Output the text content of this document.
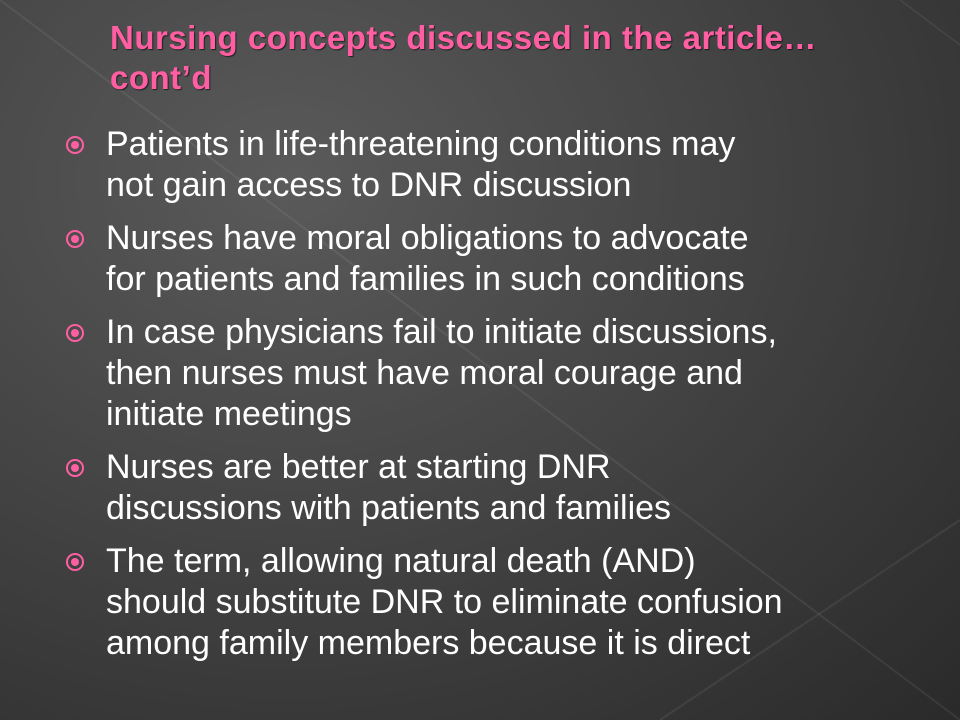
Nursing concepts discussed in the article…
cont’d
Patients in life-threatening conditions may
not gain access to DNR discussion
Nurses have moral obligations to advocate
for patients and families in such conditions
In case physicians fail to initiate discussions,
then nurses must have moral courage and
initiate meetings
Nurses are better at starting DNR
discussions with patients and families
The term, allowing natural death (AND)
should substitute DNR to eliminate confusion
among family members because it is direct
